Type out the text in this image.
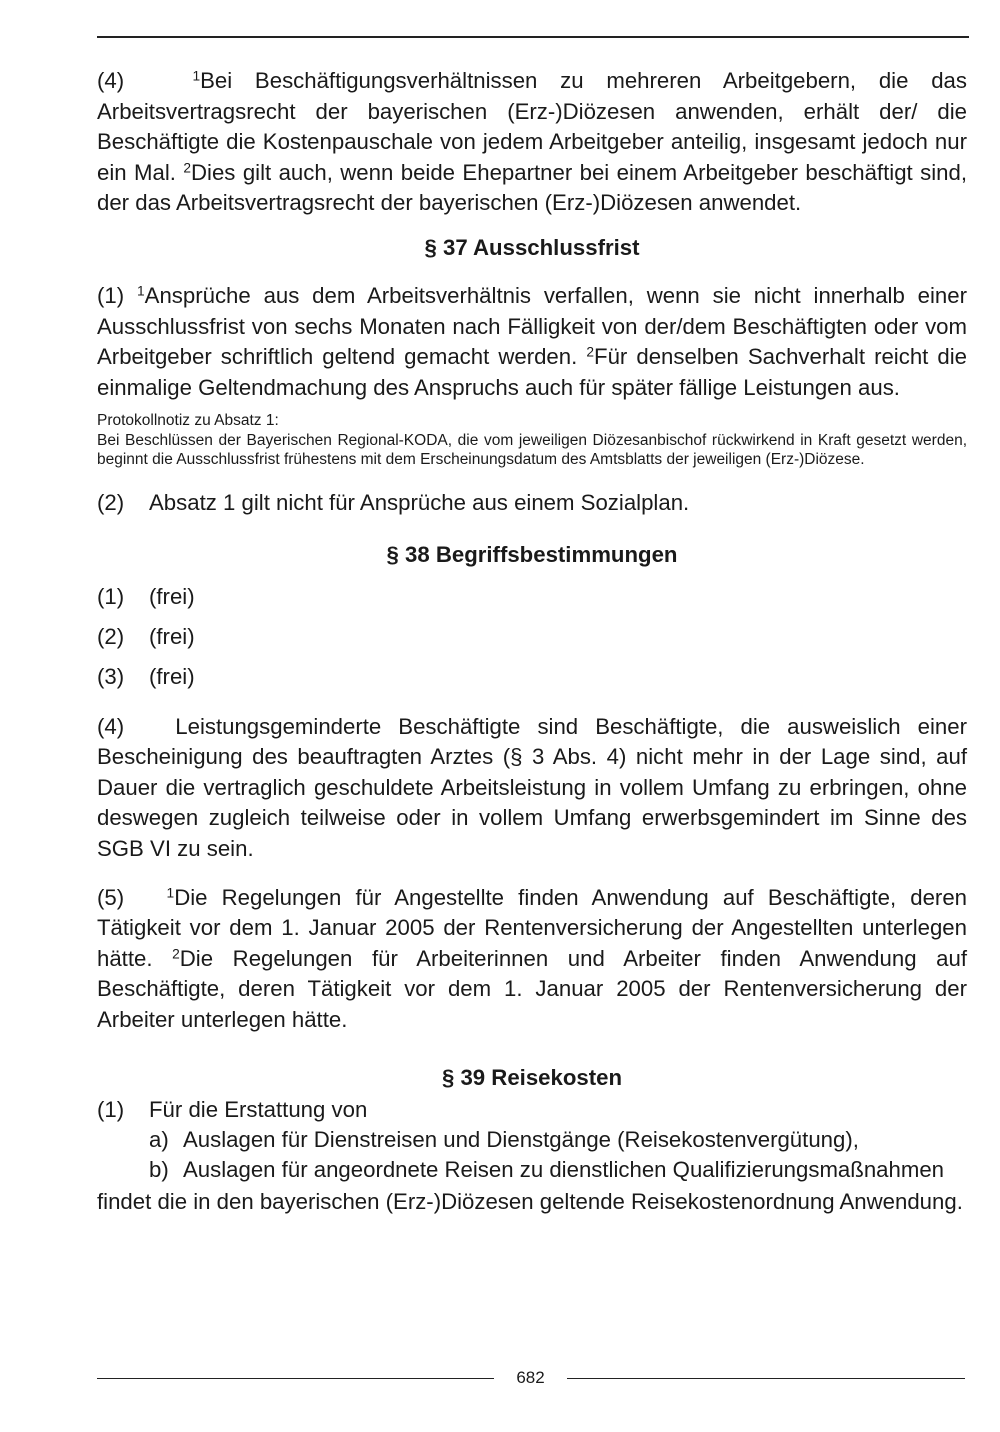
(4)	$^1$Bei Beschäftigungsverhältnissen zu mehreren Arbeitgebern, die das Arbeitsvertragsrecht der bayerischen (Erz-)Diözesen anwenden, erhält der/ die Beschäftigte die Kostenpauschale von jedem Arbeitgeber anteilig, insgesamt jedoch nur ein Mal. $^2$Dies gilt auch, wenn beide Ehepartner bei einem Arbeitgeber beschäftigt sind, der das Arbeitsvertragsrecht der bayerischen (Erz-)Diözesen anwendet.

§ 37 Ausschlussfrist

(1) $^1$Ansprüche aus dem Arbeitsverhältnis verfallen, wenn sie nicht innerhalb einer Ausschlussfrist von sechs Monaten nach Fälligkeit von der/dem Beschäftigten oder vom Arbeitgeber schriftlich geltend gemacht werden. $^2$Für denselben Sachverhalt reicht die einmalige Geltendmachung des Anspruchs auch für später fällige Leistungen aus.

Protokollnotiz zu Absatz 1:

Bei Beschlüssen der Bayerischen Regional-KODA, die vom jeweiligen Diözesanbischof rückwirkend in Kraft gesetzt werden, beginnt die Ausschlussfrist frühestens mit dem Erscheinungsdatum des Amtsblatts der jeweiligen (Erz-)Diözese.

(2)	Absatz 1 gilt nicht für Ansprüche aus einem Sozialplan.

§ 38 Begriffsbestimmungen

(1)	(frei)

(2)	(frei)

(3)	(frei)

(4) Leistungsgeminderte Beschäftigte sind Beschäftigte, die ausweislich einer Bescheinigung des beauftragten Arztes (§ 3 Abs. 4) nicht mehr in der Lage sind, auf Dauer die vertraglich geschuldete Arbeitsleistung in vollem Umfang zu erbringen, ohne deswegen zugleich teilweise oder in vollem Umfang erwerbsgemindert im Sinne des SGB VI zu sein.

(5)	$^1$Die Regelungen für Angestellte finden Anwendung auf Beschäftigte, deren Tätigkeit vor dem 1. Januar 2005 der Rentenversicherung der Angestellten unterlegen hätte. $^2$Die Regelungen für Arbeiterinnen und Arbeiter finden Anwendung auf Beschäftigte, deren Tätigkeit vor dem 1. Januar 2005 der Rentenversicherung der Arbeiter unterlegen hätte.

§ 39 Reisekosten

(1)	Für die Erstattung von

a) Auslagen für Dienstreisen und Dienstgänge (Reisekostenvergütung),
b) Auslagen für angeordnete Reisen zu dienstlichen Qualifizierungsmaßnahmen

findet die in den bayerischen (Erz-)Diözesen geltende Reisekostenordnung Anwendung.

682
